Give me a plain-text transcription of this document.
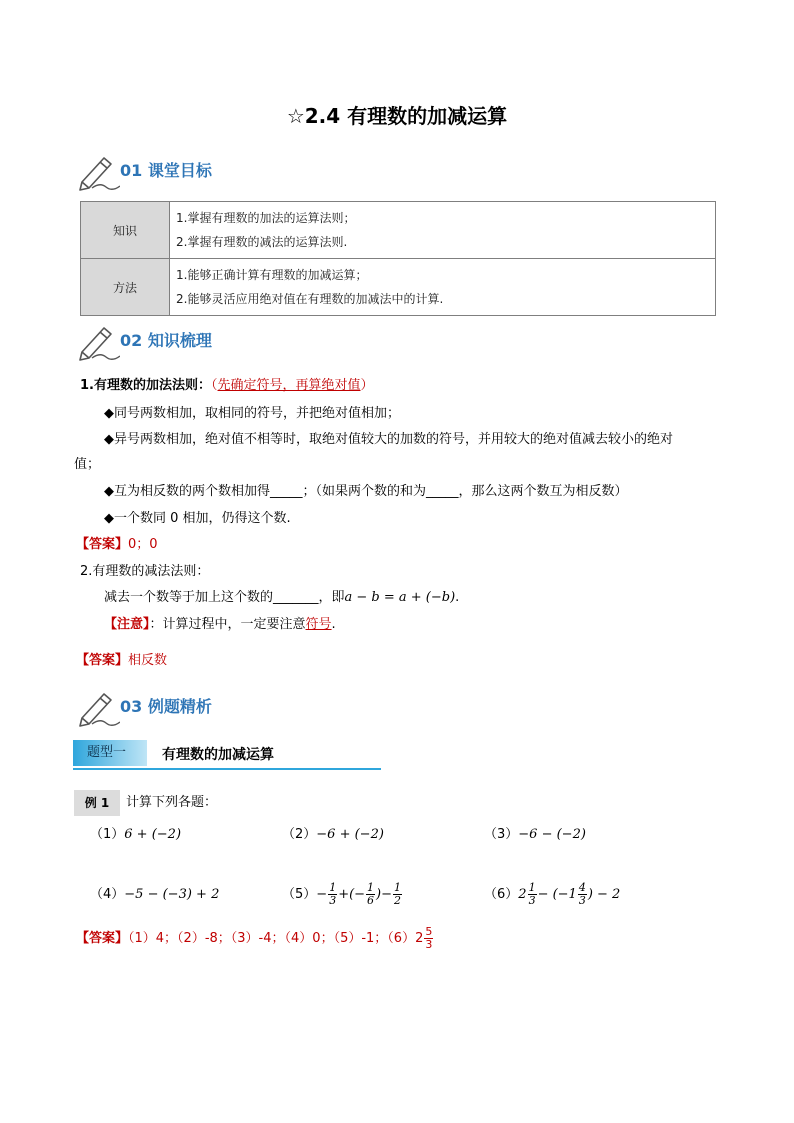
☆2.4 有理数的加减运算
01 课堂目标
知识	1.掌握有理数的加法的运算法则；
2.掌握有理数的减法的运算法则.

方法	1.能够正确计算有理数的加减运算；
2.能够灵活应用绝对值在有理数的加减法中的计算.
02 知识梳理
1.有理数的加法法则：（先确定符号，再算绝对值）
◆同号两数相加，取相同的符号，并把绝对值相加；
◆异号两数相加，绝对值不相等时，取绝对值较大的加数的符号，并用较大的绝对值减去较小的绝对
值；
◆互为相反数的两个数相加得_____；（如果两个数的和为_____，那么这两个数互为相反数）
◆一个数同 0 相加，仍得这个数.
【答案】0；0
2.有理数的减法法则：
减去一个数等于加上这个数的_______，即a − b = a + (−b).
【注意】：计算过程中，一定要注意符号.
【答案】相反数
03 例题精析
题型一	有理数的加减运算
例 1	计算下列各题：
（1）6 + (−2)	（2）−6 + (−2)	（3）−6 − (−2)
（4）−5 − (−3) + 2	$(5)- \frac{1}{3}$ +(− $\frac{1}{6}$ )− $\frac{1}{2}$	$(6)2 \frac{1}{3} - (-1 \frac{4}{3}$ ) − 2
【答案】（1）4；（2）-8；（3）-4；（4）0；（5）-1；$(6)2 \frac{5}{3}$
